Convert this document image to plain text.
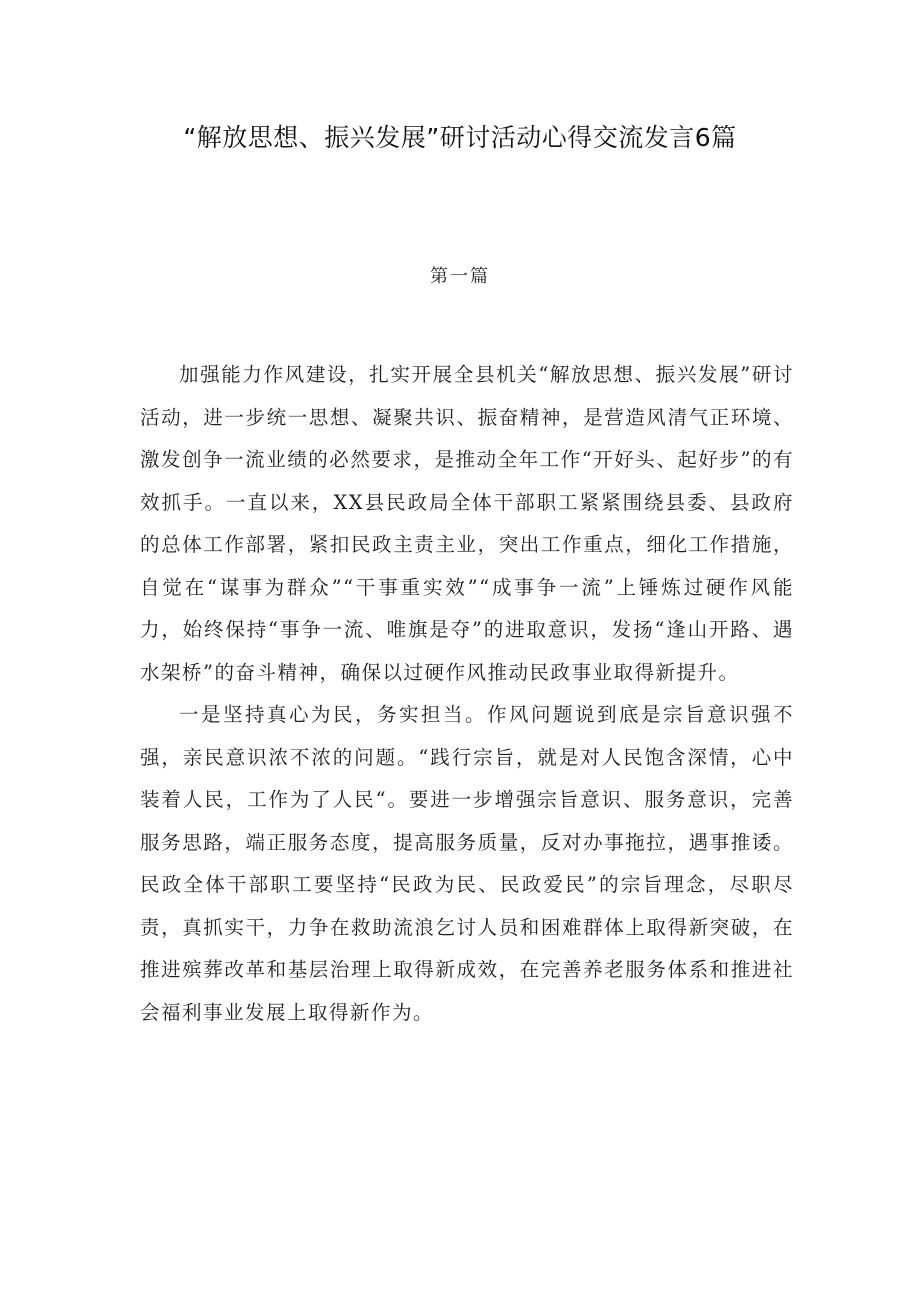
“解放思想、振兴发展”研讨活动心得交流发言6篇
第一篇

加强能力作风建设，扎实开展全县机关“解放思想、振兴发展”研讨活动，进一步统一思想、凝聚共识、振奋精神，是营造风清气正环境、激发创争一流业绩的必然要求，是推动全年工作“开好头、起好步”的有效抓手。一直以来，XX县民政局全体干部职工紧紧围绕县委、县政府的总体工作部署，紧扣民政主责主业，突出工作重点，细化工作措施，自觉在“谋事为群众”“干事重实效”“成事争一流”上锤炼过硬作风能力，始终保持“事争一流、唯旗是夺”的进取意识，发扬“逢山开路、遇水架桥”的奋斗精神，确保以过硬作风推动民政事业取得新提升。

一是坚持真心为民，务实担当。作风问题说到底是宗旨意识强不强，亲民意识浓不浓的问题。“践行宗旨，就是对人民饱含深情，心中装着人民，工作为了人民“。要进一步增强宗旨意识、服务意识，完善服务思路，端正服务态度，提高服务质量，反对办事拖拉，遇事推诿。民政全体干部职工要坚持“民政为民、民政爱民”的宗旨理念，尽职尽责，真抓实干，力争在救助流浪乞讨人员和困难群体上取得新突破，在推进殡葬改革和基层治理上取得新成效，在完善养老服务体系和推进社会福利事业发展上取得新作为。
